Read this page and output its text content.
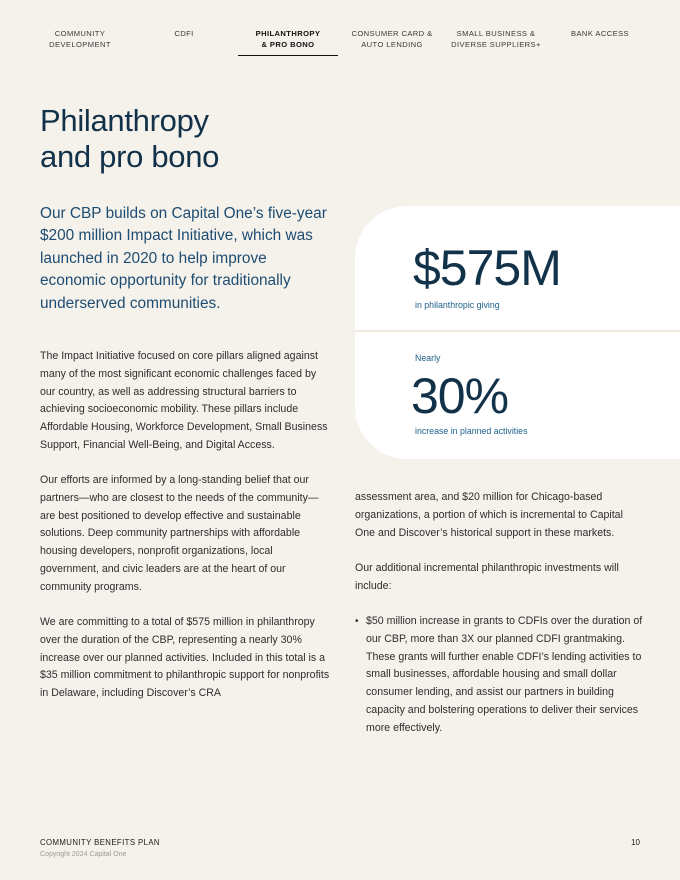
COMMUNITY
DEVELOPMENT
CDFI	PHILANTHROPY
& PRO BONO
CONSUMER CARD &
AUTO LENDING
SMALL BUSINESS &
DIVERSE SUPPLIERS+
BANK ACCESS
Philanthropy
and pro bono

Our CBP builds on Capital One’s five-year $200 million Impact Initiative, which was launched in 2020 to help improve economic opportunity for traditionally underserved communities.

$575M
in philanthropic giving
Nearly
30%
increase in planned activities

The Impact Initiative focused on core pillars aligned against many of the most significant economic challenges faced by our country, as well as addressing structural barriers to achieving socioeconomic mobility. These pillars include Affordable Housing, Workforce Development, Small Business Support, Financial Well-Being, and Digital Access.

Our efforts are informed by a long-standing belief that our partners—who are closest to the needs of the community—are best positioned to develop effective and sustainable solutions. Deep community partnerships with affordable housing developers, nonprofit organizations, local government, and civic leaders are at the heart of our community programs.

We are committing to a total of $575 million in philanthropy over the duration of the CBP, representing a nearly 30% increase over our planned activities. Included in this total is a $35 million commitment to philanthropic support for nonprofits in Delaware, including Discover’s CRA

assessment area, and $20 million for Chicago-based organizations, a portion of which is incremental to Capital One and Discover’s historical support in these markets.

Our additional incremental philanthropic investments will include:

• $50 million increase in grants to CDFIs over the duration of our CBP, more than 3X our planned CDFI grantmaking. These grants will further enable CDFI’s lending activities to small businesses, affordable housing and small dollar consumer lending, and assist our partners in building capacity and bolstering operations to deliver their services more effectively.
COMMUNITY BENEFITS PLAN
Copyright 2024 Capital One
10
